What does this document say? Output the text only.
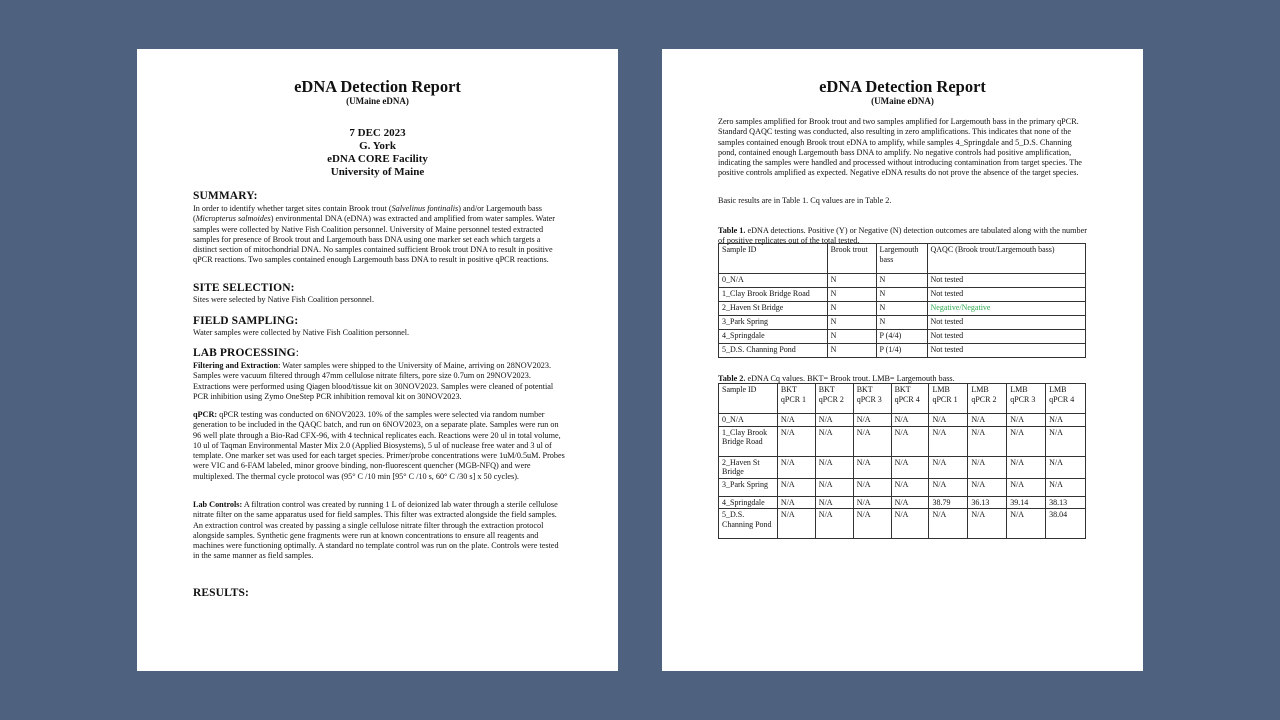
eDNA Detection Report
(UMaine eDNA)
7 DEC 2023
G. York
eDNA CORE Facility
University of Maine
SUMMARY:
In order to identify whether target sites contain Brook trout (Salvelinus fontinalis) and/or Largemouth bass (Micropterus salmoides) environmental DNA (eDNA) was extracted and amplified from water samples. Water samples were collected by Native Fish Coalition personnel. University of Maine personnel tested extracted samples for presence of Brook trout and Largemouth bass DNA using one marker set each which targets a distinct section of mitochondrial DNA. No samples contained sufficient Brook trout DNA to result in positive qPCR reactions. Two samples contained enough Largemouth bass DNA to result in positive qPCR reactions.
SITE SELECTION:
Sites were selected by Native Fish Coalition personnel.
FIELD SAMPLING:
Water samples were collected by Native Fish Coalition personnel.
LAB PROCESSING:
Filtering and Extraction: Water samples were shipped to the University of Maine, arriving on 28NOV2023. Samples were vacuum filtered through 47mm cellulose nitrate filters, pore size 0.7um on 29NOV2023. Extractions were performed using Qiagen blood/tissue kit on 30NOV2023. Samples were cleaned of potential PCR inhibition using Zymo OneStep PCR inhibition removal kit on 30NOV2023.
qPCR: qPCR testing was conducted on 6NOV2023. 10% of the samples were selected via random number generation to be included in the QAQC batch, and run on 6NOV2023, on a separate plate. Samples were run on 96 well plate through a Bio-Rad CFX-96, with 4 technical replicates each. Reactions were 20 ul in total volume, 10 ul of Taqman Environmental Master Mix 2.0 (Applied Biosystems), 5 ul of nuclease free water and 3 ul of template. One marker set was used for each target species. Primer/probe concentrations were 1uM/0.5uM. Probes were VIC and 6-FAM labeled, minor groove binding, non-fluorescent quencher (MGB-NFQ) and were multiplexed. The thermal cycle protocol was (95° C /10 min [95° C /10 s, 60° C /30 s] x 50 cycles).
Lab Controls: A filtration control was created by running 1 L of deionized lab water through a sterile cellulose nitrate filter on the same apparatus used for field samples. This filter was extracted alongside the field samples. An extraction control was created by passing a single cellulose nitrate filter through the extraction protocol alongside samples. Synthetic gene fragments were run at known concentrations to ensure all reagents and machines were functioning optimally. A standard no template control was run on the plate. Controls were tested in the same manner as field samples.
RESULTS:
eDNA Detection Report
(UMaine eDNA)
Zero samples amplified for Brook trout and two samples amplified for Largemouth bass in the primary qPCR. Standard QAQC testing was conducted, also resulting in zero amplifications. This indicates that none of the samples contained enough Brook trout eDNA to amplify, while samples 4_Springdale and 5_D.S. Channing pond, contained enough Largemouth bass DNA to amplify. No negative controls had positive amplification, indicating the samples were handled and processed without introducing contamination from target species. The positive controls amplified as expected. Negative eDNA results do not prove the absence of the target species.
Basic results are in Table 1. Cq values are in Table 2.
Table 1. eDNA detections. Positive (Y) or Negative (N) detection outcomes are tabulated along with the number of positive replicates out of the total tested.
Sample ID	Brook trout	Largemouth bass	QAQC (Brook trout/Largemouth bass)
0_N/A	N	N	Not tested
1_Clay Brook Bridge Road	N	N	Not tested
2_Haven St Bridge	N	N	Negative/Negative
3_Park Spring	N	N	Not tested
4_Springdale	N	P (4/4)	Not tested
5_D.S. Channing Pond	N	P (1/4)	Not tested
Table 2. eDNA Cq values. BKT= Brook trout. LMB= Largemouth bass.
Sample ID	BKT qPCR 1	BKT qPCR 2	BKT qPCR 3	BKT qPCR 4	LMB qPCR 1	LMB qPCR 2	LMB qPCR 3	LMB qPCR 4
0_N/A	N/A	N/A	N/A	N/A	N/A	N/A	N/A	N/A
1_Clay Brook Bridge Road	N/A	N/A	N/A	N/A	N/A	N/A	N/A	N/A
2_Haven St Bridge	N/A	N/A	N/A	N/A	N/A	N/A	N/A	N/A
3_Park Spring	N/A	N/A	N/A	N/A	N/A	N/A	N/A	N/A
4_Springdale	N/A	N/A	N/A	N/A	38.79	36.13	39.14	38.13
5_D.S. Channing Pond	N/A	N/A	N/A	N/A	N/A	N/A	N/A	38.04
